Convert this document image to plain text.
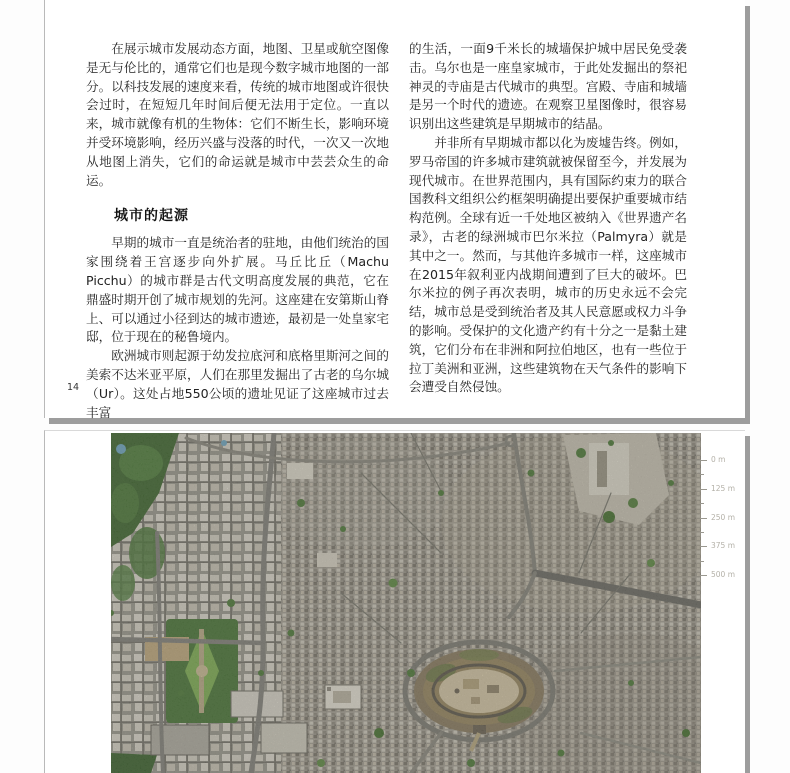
在展示城市发展动态方面，地图、卫星或航空图像是无与伦比的，通常它们也是现今数字城市地图的一部分。以科技发展的速度来看，传统的城市地图或许很快会过时，在短短几年时间后便无法用于定位。一直以来，城市就像有机的生物体：它们不断生长，影响环境并受环境影响，经历兴盛与没落的时代，一次又一次地从地图上消失，它们的命运就是城市中芸芸众生的命运。

城市的起源

早期的城市一直是统治者的驻地，由他们统治的国家围绕着王宫逐步向外扩展。马丘比丘（Machu Picchu）的城市群是古代文明高度发展的典范，它在鼎盛时期开创了城市规划的先河。这座建在安第斯山脊上、可以通过小径到达的城市遗迹，最初是一处皇家宅邸，位于现在的秘鲁境内。

欧洲城市则起源于幼发拉底河和底格里斯河之间的美索不达米亚平原，人们在那里发掘出了古老的乌尔城（Ur）。这处占地550公顷的遗址见证了这座城市过去丰富

的生活，一面9千米长的城墙保护城中居民免受袭击。乌尔也是一座皇家城市，于此处发掘出的祭祀神灵的寺庙是古代城市的典型。宫殿、寺庙和城墙是另一个时代的遗迹。在观察卫星图像时，很容易识别出这些建筑是早期城市的结晶。

并非所有早期城市都以化为废墟告终。例如，罗马帝国的许多城市建筑就被保留至今，并发展为现代城市。在世界范围内，具有国际约束力的联合国教科文组织公约框架明确提出要保护重要城市结构范例。全球有近一千处地区被纳入《世界遗产名录》，古老的绿洲城市巴尔米拉（Palmyra）就是其中之一。然而，与其他许多城市一样，这座城市在2015年叙利亚内战期间遭到了巨大的破坏。巴尔米拉的例子再次表明，城市的历史永远不会完结，城市总是受到统治者及其人民意愿或权力斗争的影响。受保护的文化遗产约有十分之一是黏土建筑，它们分布在非洲和阿拉伯地区，也有一些位于拉丁美洲和亚洲，这些建筑物在天气条件的影响下会遭受自然侵蚀。

14
0 m
125 m
250 m
375 m
500 m
